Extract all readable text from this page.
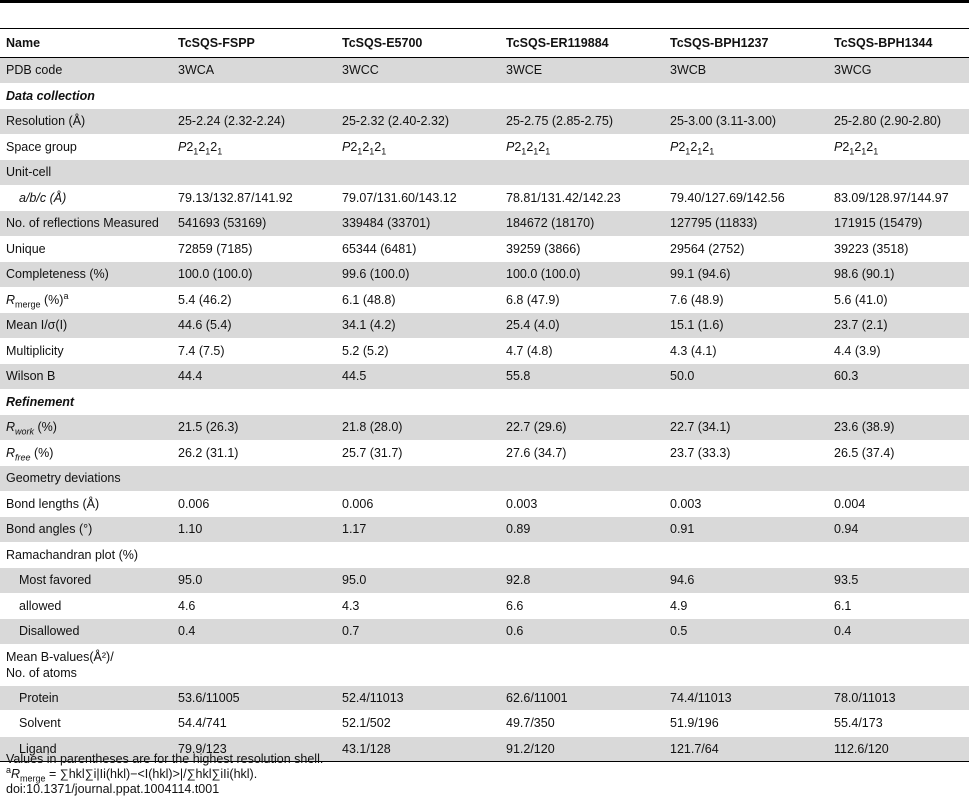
Name	TcSQS-FSPP	TcSQS-E5700	TcSQS-ER119884	TcSQS-BPH1237	TcSQS-BPH1344
PDB code	3WCA	3WCC	3WCE	3WCB	3WCG
Data collection					
Resolution (Å)	25-2.24 (2.32-2.24)	25-2.32 (2.40-2.32)	25-2.75 (2.85-2.75)	25-3.00 (3.11-3.00)	25-2.80 (2.90-2.80)
Space group	$P2_12_12_1$	$P2_12_12_1$	$P2_12_12_1$	$P2_12_12_1$	$P2_12_12_1$
Unit-cell					
a/b/c (Å)	79.13/132.87/141.92	79.07/131.60/143.12	78.81/131.42/142.23	79.40/127.69/142.56	83.09/128.97/144.97
No. of reflections Measured	541693 (53169)	339484 (33701)	184672 (18170)	127795 (11833)	171915 (15479)
Unique	72859 (7185)	65344 (6481)	39259 (3866)	29564 (2752)	39223 (3518)
Completeness (%)	100.0 (100.0)	99.6 (100.0)	100.0 (100.0)	99.1 (94.6)	98.6 (90.1)
$R_{merge}$ (%)$^a$	5.4 (46.2)	6.1 (48.8)	6.8 (47.9)	7.6 (48.9)	5.6 (41.0)
Mean I/σ(I)	44.6 (5.4)	34.1 (4.2)	25.4 (4.0)	15.1 (1.6)	23.7 (2.1)
Multiplicity	7.4 (7.5)	5.2 (5.2)	4.7 (4.8)	4.3 (4.1)	4.4 (3.9)
Wilson B	44.4	44.5	55.8	50.0	60.3
Refinement					
$R_{work}$ (%)	21.5 (26.3)	21.8 (28.0)	22.7 (29.6)	22.7 (34.1)	23.6 (38.9)
$R_{free}$ (%)	26.2 (31.1)	25.7 (31.7)	27.6 (34.7)	23.7 (33.3)	26.5 (37.4)
Geometry deviations					
Bond lengths (Å)	0.006	0.006	0.003	0.003	0.004
Bond angles (°)	1.10	1.17	0.89	0.91	0.94
Ramachandran plot (%)					
Most favored	95.0	95.0	92.8	94.6	93.5
allowed	4.6	4.3	6.6	4.9	6.1
Disallowed	0.4	0.7	0.6	0.5	0.4

Mean B-values(Å²)/
No. of atoms					

Protein	53.6/11005	52.4/11013	62.6/11001	74.4/11013	78.0/11013
Solvent	54.4/741	52.1/502	49.7/350	51.9/196	55.4/173
Ligand	79.9/123	43.1/128	91.2/120	121.7/64	112.6/120
Values in parentheses are for the highest resolution shell.
$^aR_{merge} = \sum hkl\sum i|Ii(hkl)-<I(hkl)>|/\sum hkl\sum iIi(hkl)$.
doi:10.1371/journal.ppat.1004114.t001
